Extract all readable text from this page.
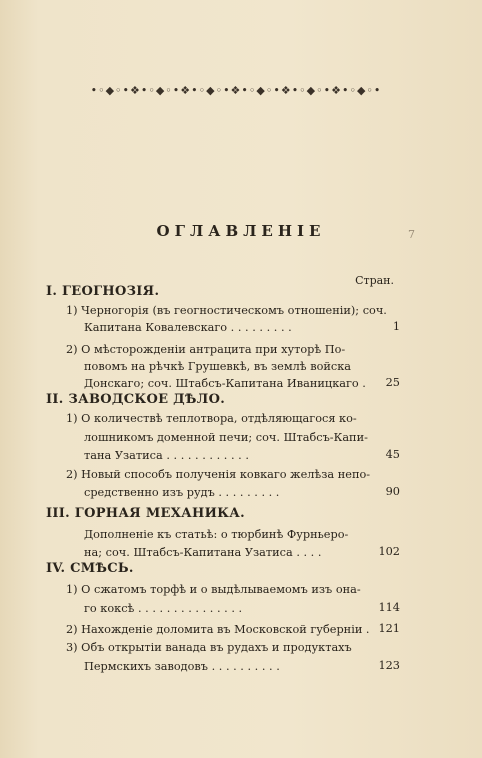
•◦◆◦•❖•◦◆◦•❖•◦◆◦•❖•◦◆◦•❖•◦◆◦•❖•◦◆◦•
ОГЛАВЛЕНІЕ	7
Стран.
I. ГЕОГНОЗІЯ.
1) Черногорія (въ геогностическомъ отношеніи); соч.
Капитана Ковалевскаго . . . . . . . . .	1
2) О мѣсторожденіи антрацита при хуторѣ По-
повомъ на рѣчкѣ Грушевкѣ, въ землѣ войска
Донскаго; соч. Штабсъ-Капитана Иваницкаго . 25
II. ЗАВОДСКОЕ ДѢЛО.
1) О количествѣ теплотвора, отдѣляющагося ко-
лошникомъ доменной печи; соч. Штабсъ-Капи-
тана Узатиса . . . . . . . . . . . .	45
2) Новый способъ полученія ковкаго желѣза непо-
средственно изъ рудъ . . . . . . . . .	90
III. ГОРНАЯ МЕХАНИКА.
Дополненіе къ статьѣ: о тюрбинѣ Фурньеро-
на; соч. Штабсъ-Капитана Узатиса . . . .	102
IV. СМѢСЬ.
1) О сжатомъ торфѣ и о выдѣлываемомъ изъ она-
го коксѣ . . . . . . . . . . . . . . .	114
2) Нахожденіе доломита въ Московской губерніи . 121
3) Объ открытіи ванада въ рудахъ и продуктахъ
Пермскихъ заводовъ . . . . . . . . . .	123
